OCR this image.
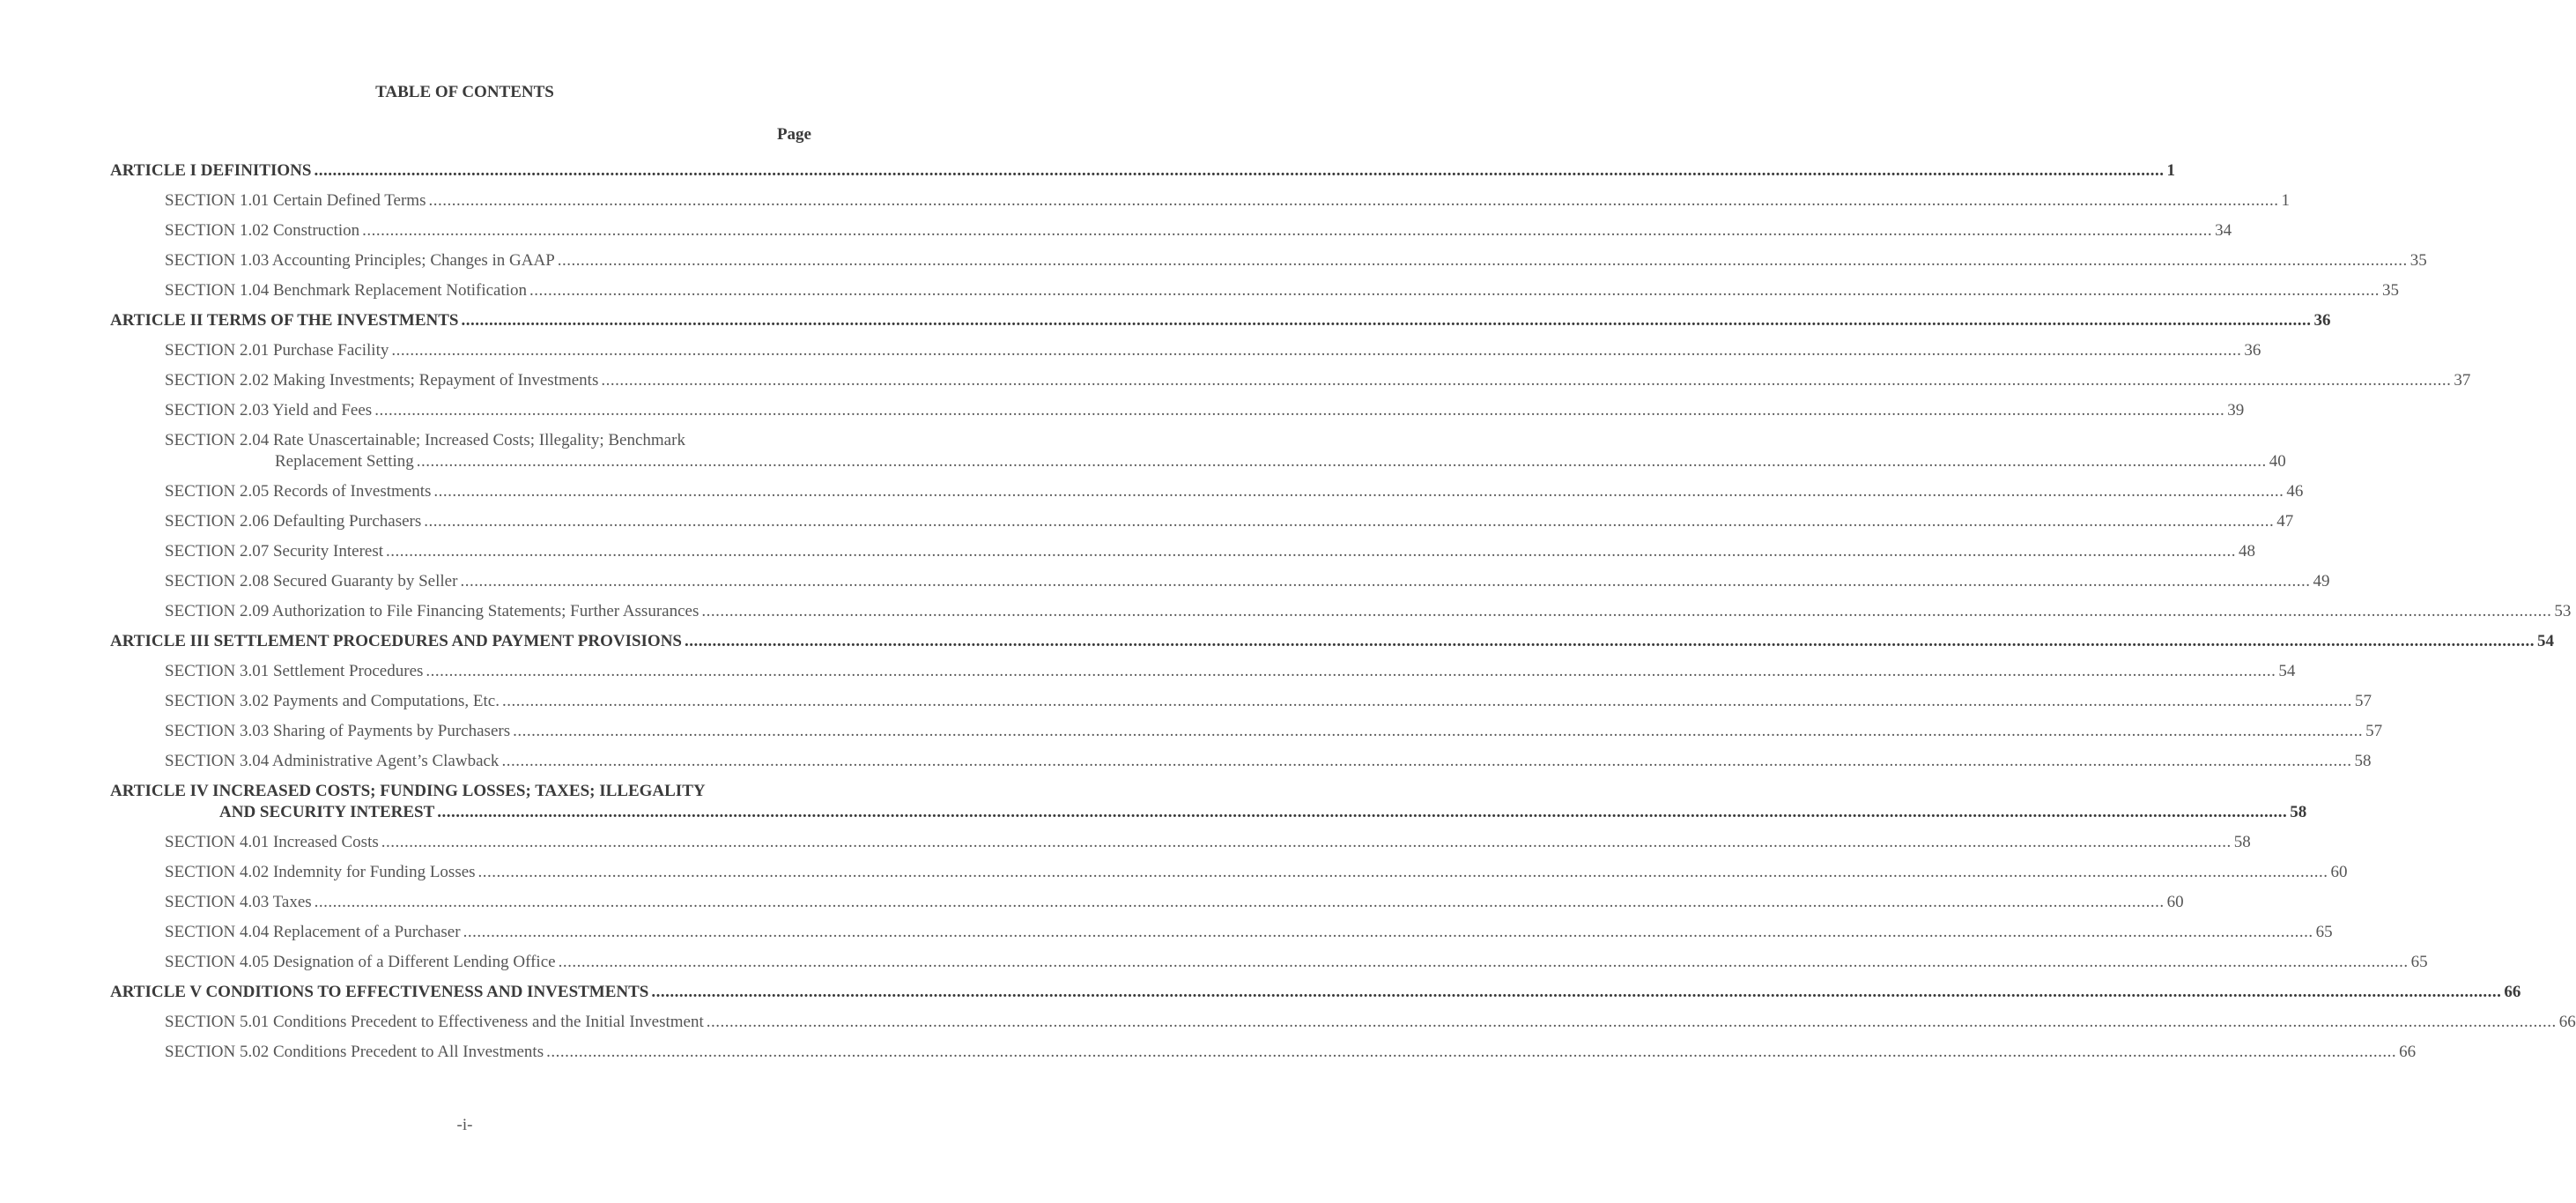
TABLE OF CONTENTS
Page
ARTICLE I DEFINITIONS ................................................................................................................................................................................................................................................................................................................................................................................................................ 1
SECTION 1.01 Certain Defined Terms ................................................................................................................................................................................................................................................................................................................................................................................................................ 1
SECTION 1.02 Construction ................................................................................................................................................................................................................................................................................................................................................................................................................ 34
SECTION 1.03 Accounting Principles; Changes in GAAP ................................................................................................................................................................................................................................................................................................................................................................................................................ 35
SECTION 1.04 Benchmark Replacement Notification ................................................................................................................................................................................................................................................................................................................................................................................................................ 35
ARTICLE II TERMS OF THE INVESTMENTS ................................................................................................................................................................................................................................................................................................................................................................................................................ 36
SECTION 2.01 Purchase Facility ................................................................................................................................................................................................................................................................................................................................................................................................................ 36
SECTION 2.02 Making Investments; Repayment of Investments ................................................................................................................................................................................................................................................................................................................................................................................................................ 37
SECTION 2.03 Yield and Fees ................................................................................................................................................................................................................................................................................................................................................................................................................ 39
SECTION 2.04 Rate Unascertainable; Increased Costs; Illegality; Benchmark
Replacement Setting ................................................................................................................................................................................................................................................................................................................................................................................................................ 40
SECTION 2.05 Records of Investments ................................................................................................................................................................................................................................................................................................................................................................................................................ 46
SECTION 2.06 Defaulting Purchasers ................................................................................................................................................................................................................................................................................................................................................................................................................ 47
SECTION 2.07 Security Interest ................................................................................................................................................................................................................................................................................................................................................................................................................ 48
SECTION 2.08 Secured Guaranty by Seller ................................................................................................................................................................................................................................................................................................................................................................................................................ 49
SECTION 2.09 Authorization to File Financing Statements; Further Assurances ................................................................................................................................................................................................................................................................................................................................................................................................................ 53
ARTICLE III SETTLEMENT PROCEDURES AND PAYMENT PROVISIONS ................................................................................................................................................................................................................................................................................................................................................................................................................ 54
SECTION 3.01 Settlement Procedures ................................................................................................................................................................................................................................................................................................................................................................................................................ 54
SECTION 3.02 Payments and Computations, Etc. ................................................................................................................................................................................................................................................................................................................................................................................................................ 57
SECTION 3.03 Sharing of Payments by Purchasers ................................................................................................................................................................................................................................................................................................................................................................................................................ 57
SECTION 3.04 Administrative Agent’s Clawback ................................................................................................................................................................................................................................................................................................................................................................................................................ 58
ARTICLE IV INCREASED COSTS; FUNDING LOSSES; TAXES; ILLEGALITY
AND SECURITY INTEREST ................................................................................................................................................................................................................................................................................................................................................................................................................ 58
SECTION 4.01 Increased Costs ................................................................................................................................................................................................................................................................................................................................................................................................................ 58
SECTION 4.02 Indemnity for Funding Losses ................................................................................................................................................................................................................................................................................................................................................................................................................ 60
SECTION 4.03 Taxes ................................................................................................................................................................................................................................................................................................................................................................................................................ 60
SECTION 4.04 Replacement of a Purchaser ................................................................................................................................................................................................................................................................................................................................................................................................................ 65
SECTION 4.05 Designation of a Different Lending Office ................................................................................................................................................................................................................................................................................................................................................................................................................ 65
ARTICLE V CONDITIONS TO EFFECTIVENESS AND INVESTMENTS ................................................................................................................................................................................................................................................................................................................................................................................................................ 66
SECTION 5.01 Conditions Precedent to Effectiveness and the Initial Investment ................................................................................................................................................................................................................................................................................................................................................................................................................ 66
SECTION 5.02 Conditions Precedent to All Investments ................................................................................................................................................................................................................................................................................................................................................................................................................ 66
-i-
